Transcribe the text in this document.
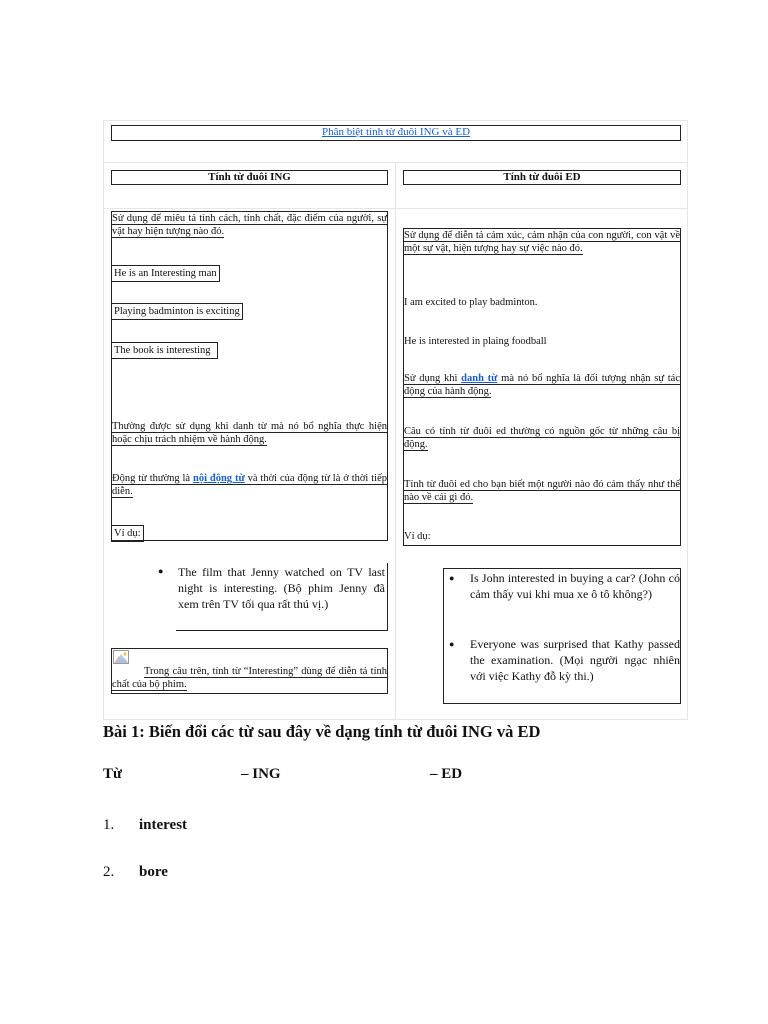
Phân biệt tính từ đuôi ING và ED
Tính từ đuôi ING	Tính từ đuôi ED
Sử dụng để miêu tả tính cách, tính chất, đặc điểm của người, sự vật hay hiện tượng nào đó.
He is an Interesting man
Playing badminton is exciting
The book is interesting
Thường được sử dụng khi danh từ mà nó bổ nghĩa thực hiện hoặc chịu trách nhiệm về hành động.
Động từ thường là nội động từ và thời của động từ là ở thời tiếp diễn.
Ví dụ:
● The film that Jenny watched on TV last night is interesting. (Bộ phim Jenny đã xem trên TV tối qua rất thú vị.)
Trong câu trên, tính từ “Interesting” dùng để diễn tả tính chất của bộ phim.
Sử dụng để diễn tả cảm xúc, cảm nhận của con người, con vật về một sự vật, hiện tượng hay sự việc nào đó.
I am excited to play badminton.
He is interested in plaing foodball
Sử dụng khi danh từ mà nó bổ nghĩa là đối tượng nhận sự tác động của hành động.
Câu có tính từ đuôi ed thường có nguồn gốc từ những câu bị động.
Tính từ đuôi ed cho bạn biết một người nào đó cảm thấy như thế nào về cái gì đó.
Ví dụ:
● Is John interested in buying a car? (John có cảm thấy vui khi mua xe ô tô không?)
● Everyone was surprised that Kathy passed the examination. (Mọi người ngạc nhiên với việc Kathy đỗ kỳ thi.)
Bài 1: Biến đổi các từ sau đây về dạng tính từ đuôi ING và ED
Từ	– ING	– ED
1. interest
2. bore
